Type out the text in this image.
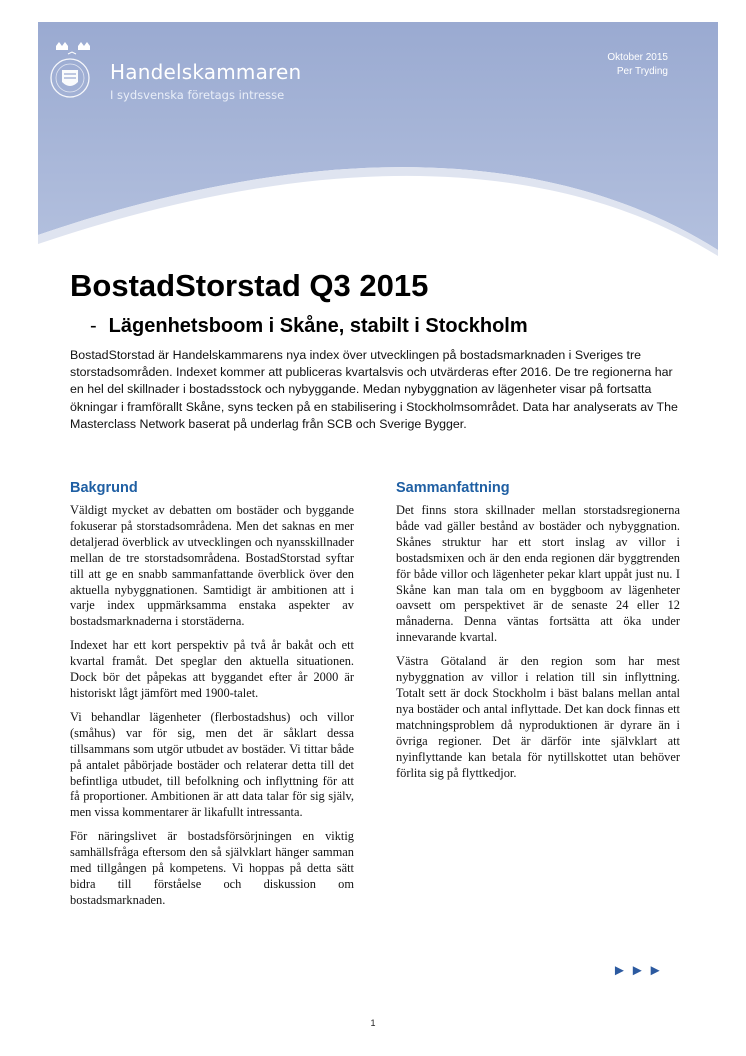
Handelskammaren
I sydsvenska företags intresse
Oktober 2015
Per Tryding
BostadStorstad Q3 2015
- Lägenhetsboom i Skåne, stabilt i Stockholm

BostadStorstad är Handelskammarens nya index över utvecklingen på bostadsmarknaden i Sveriges tre storstadsområden. Indexet kommer att publiceras kvartalsvis och utvärderas efter 2016. De tre regionerna har en hel del skillnader i bostadsstock och nybyggande. Medan nybyggnation av lägenheter visar på fortsatta ökningar i framförallt Skåne, syns tecken på en stabilisering i Stockholmsområdet. Data har analyserats av The Masterclass Network baserat på underlag från SCB och Sverige Bygger.

Bakgrund

Väldigt mycket av debatten om bostäder och byggande fokuserar på storstadsområdena. Men det saknas en mer detaljerad överblick av utvecklingen och nyansskillnader mellan de tre storstadsområdena. BostadStorstad syftar till att ge en snabb sammanfattande överblick över den aktuella nybyggnationen. Samtidigt är ambitionen att i varje index uppmärksamma enstaka aspekter av bostadsmarknaderna i storstäderna.

Indexet har ett kort perspektiv på två år bakåt och ett kvartal framåt. Det speglar den aktuella situationen. Dock bör det påpekas att byggandet efter år 2000 är historiskt lågt jämfört med 1900-talet.

Vi behandlar lägenheter (flerbostadshus) och villor (småhus) var för sig, men det är såklart dessa tillsammans som utgör utbudet av bostäder. Vi tittar både på antalet påbörjade bostäder och relaterar detta till det befintliga utbudet, till befolkning och inflyttning för att få proportioner. Ambitionen är att data talar för sig själv, men vissa kommentarer är likafullt intressanta.

För näringslivet är bostadsförsörjningen en viktig samhällsfråga eftersom den så självklart hänger samman med tillgången på kompetens. Vi hoppas på detta sätt bidra till förståelse och diskussion om bostadsmarknaden.

Sammanfattning

Det finns stora skillnader mellan storstadsregionerna både vad gäller bestånd av bostäder och nybyggnation. Skånes struktur har ett stort inslag av villor i bostadsmixen och är den enda regionen där byggtrenden för både villor och lägenheter pekar klart uppåt just nu. I Skåne kan man tala om en byggboom av lägenheter oavsett om perspektivet är de senaste 24 eller 12 månaderna. Denna väntas fortsätta att öka under innevarande kvartal.

Västra Götaland är den region som har mest nybyggnation av villor i relation till sin inflyttning. Totalt sett är dock Stockholm i bäst balans mellan antal nya bostäder och antal inflyttade. Det kan dock finnas ett matchningsproblem då nyproduktionen är dyrare än i övriga regioner. Det är därför inte självklart att nyinflyttande kan betala för nytillskottet utan behöver förlita sig på flyttkedjor.

►►►
1
